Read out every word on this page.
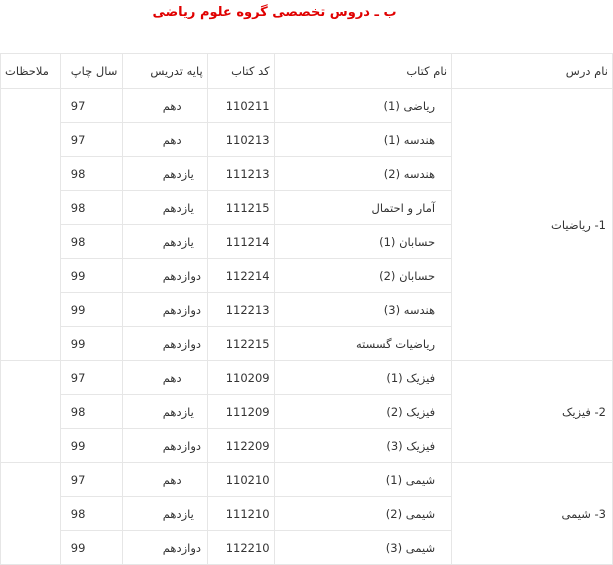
ب ـ دروس تخصصی گروه علوم ریاضی
نام درس	نام کتاب	کد کتاب	پایه تدریس	سال چاپ	ملاحظات
1- ریاضیات	ریاضی (1)	110211	دهم	97	
	هندسه (1)	110213	دهم	97	
	هندسه (2)	111213	یازدهم	98	
	آمار و احتمال	111215	یازدهم	98	
	حسابان (1)	111214	یازدهم	98	
	حسابان (2)	112214	دوازدهم	99	
	هندسه (3)	112213	دوازدهم	99	
	ریاضیات گسسته	112215	دوازدهم	99	
2- فیزیک	فیزیک (1)	110209	دهم	97	
	فیزیک (2)	111209	یازدهم	98	
	فیزیک (3)	112209	دوازدهم	99	
3- شیمی	شیمی (1)	110210	دهم	97	
	شیمی (2)	111210	یازدهم	98	
	شیمی (3)	112210	دوازدهم	99	
